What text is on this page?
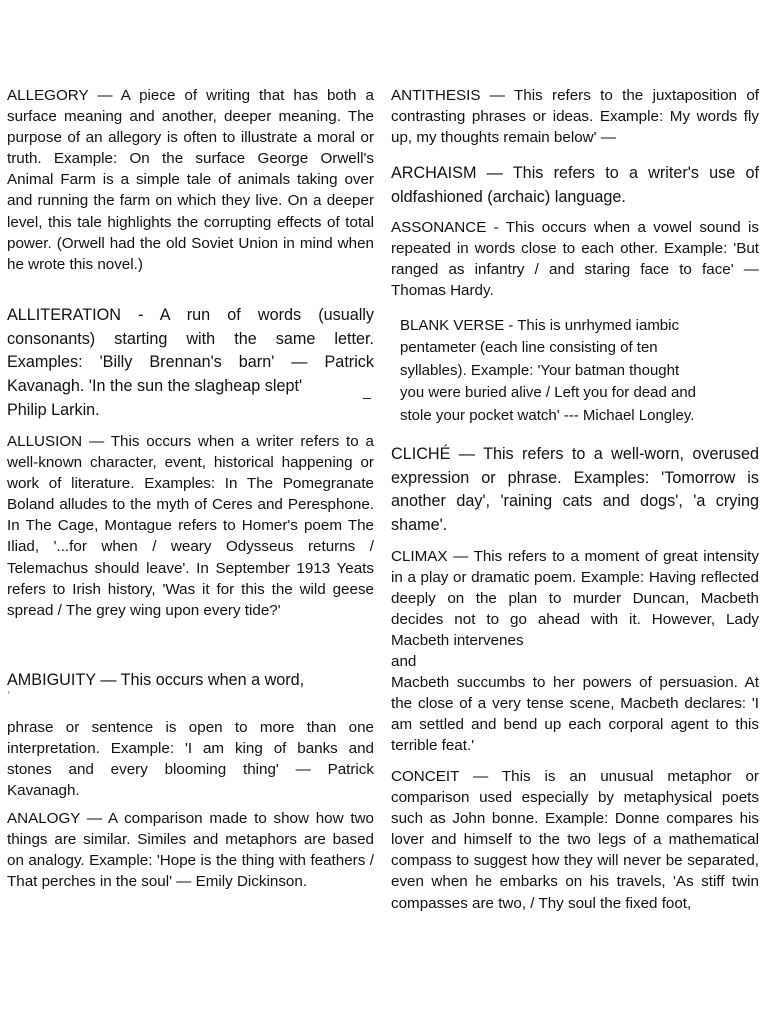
ALLEGORY — A piece of writing that has both a surface meaning and another, deeper meaning. The purpose of an allegory is often to illustrate a moral or truth. Example: On the surface George Orwell's Animal Farm is a simple tale of animals taking over and running the farm on which they live. On a deeper level, this tale highlights the corrupting effects of total power. (Orwell had the old Soviet Union in mind when he wrote this novel.)

ALLITERATION - A run of words (usually consonants) starting with the same letter. Examples: 'Billy Brennan's barn' — Patrick Kavanagh. 'In the sun the slagheap slept'	_

Philip Larkin.

ALLUSION — This occurs when a writer refers to a well-known character, event, historical happening or work of literature. Examples: In The Pomegranate Boland alludes to the myth of Ceres and Peresphone. In The Cage, Montague refers to Homer's poem The Iliad, '...for when / weary Odysseus returns / Telemachus should leave'. In September 1913 Yeats refers to Irish history, 'Was it for this the wild geese spread / The grey wing upon every tide?'

AMBIGUITY — This occurs when a word,

'

phrase or sentence is open to more than one interpretation. Example: 'I am king of banks and stones and every blooming thing' — Patrick Kavanagh.

ANALOGY — A comparison made to show how two things are similar. Similes and metaphors are based on analogy. Example: 'Hope is the thing with feathers / That perches in the soul' — Emily Dickinson.

ANTITHESIS — This refers to the juxtaposition of contrasting phrases or ideas. Example: My words fly up, my thoughts remain below' —

ARCHAISM — This refers to a writer's use of oldfashioned (archaic) language.

ASSONANCE - This occurs when a vowel sound is repeated in words close to each other. Example: 'But ranged as infantry / and staring face to face' — Thomas Hardy.

BLANK VERSE - This is unrhymed iambic
pentameter (each line consisting of ten
syllables). Example: 'Your batman thought
you were buried alive / Left you for dead and
stole your pocket watch' --- Michael Longley.

CLICHÉ — This refers to a well-worn, overused expression or phrase. Examples: 'Tomorrow is another day', 'raining cats and dogs', 'a crying shame'.

CLIMAX — This refers to a moment of great intensity in a play or dramatic poem. Example: Having reflected deeply on the plan to murder Duncan, Macbeth decides not to go ahead with it. However, Lady Macbeth intervenes

and

Macbeth succumbs to her powers of persuasion. At the close of a very tense scene, Macbeth declares: 'I am settled and bend up each corporal agent to this terrible feat.'

CONCEIT — This is an unusual metaphor or comparison used especially by metaphysical poets such as John bonne. Example: Donne compares his lover and himself to the two legs of a mathematical compass to suggest how they will never be separated, even when he embarks on his travels, 'As stiff twin compasses are two, / Thy soul the fixed foot,
